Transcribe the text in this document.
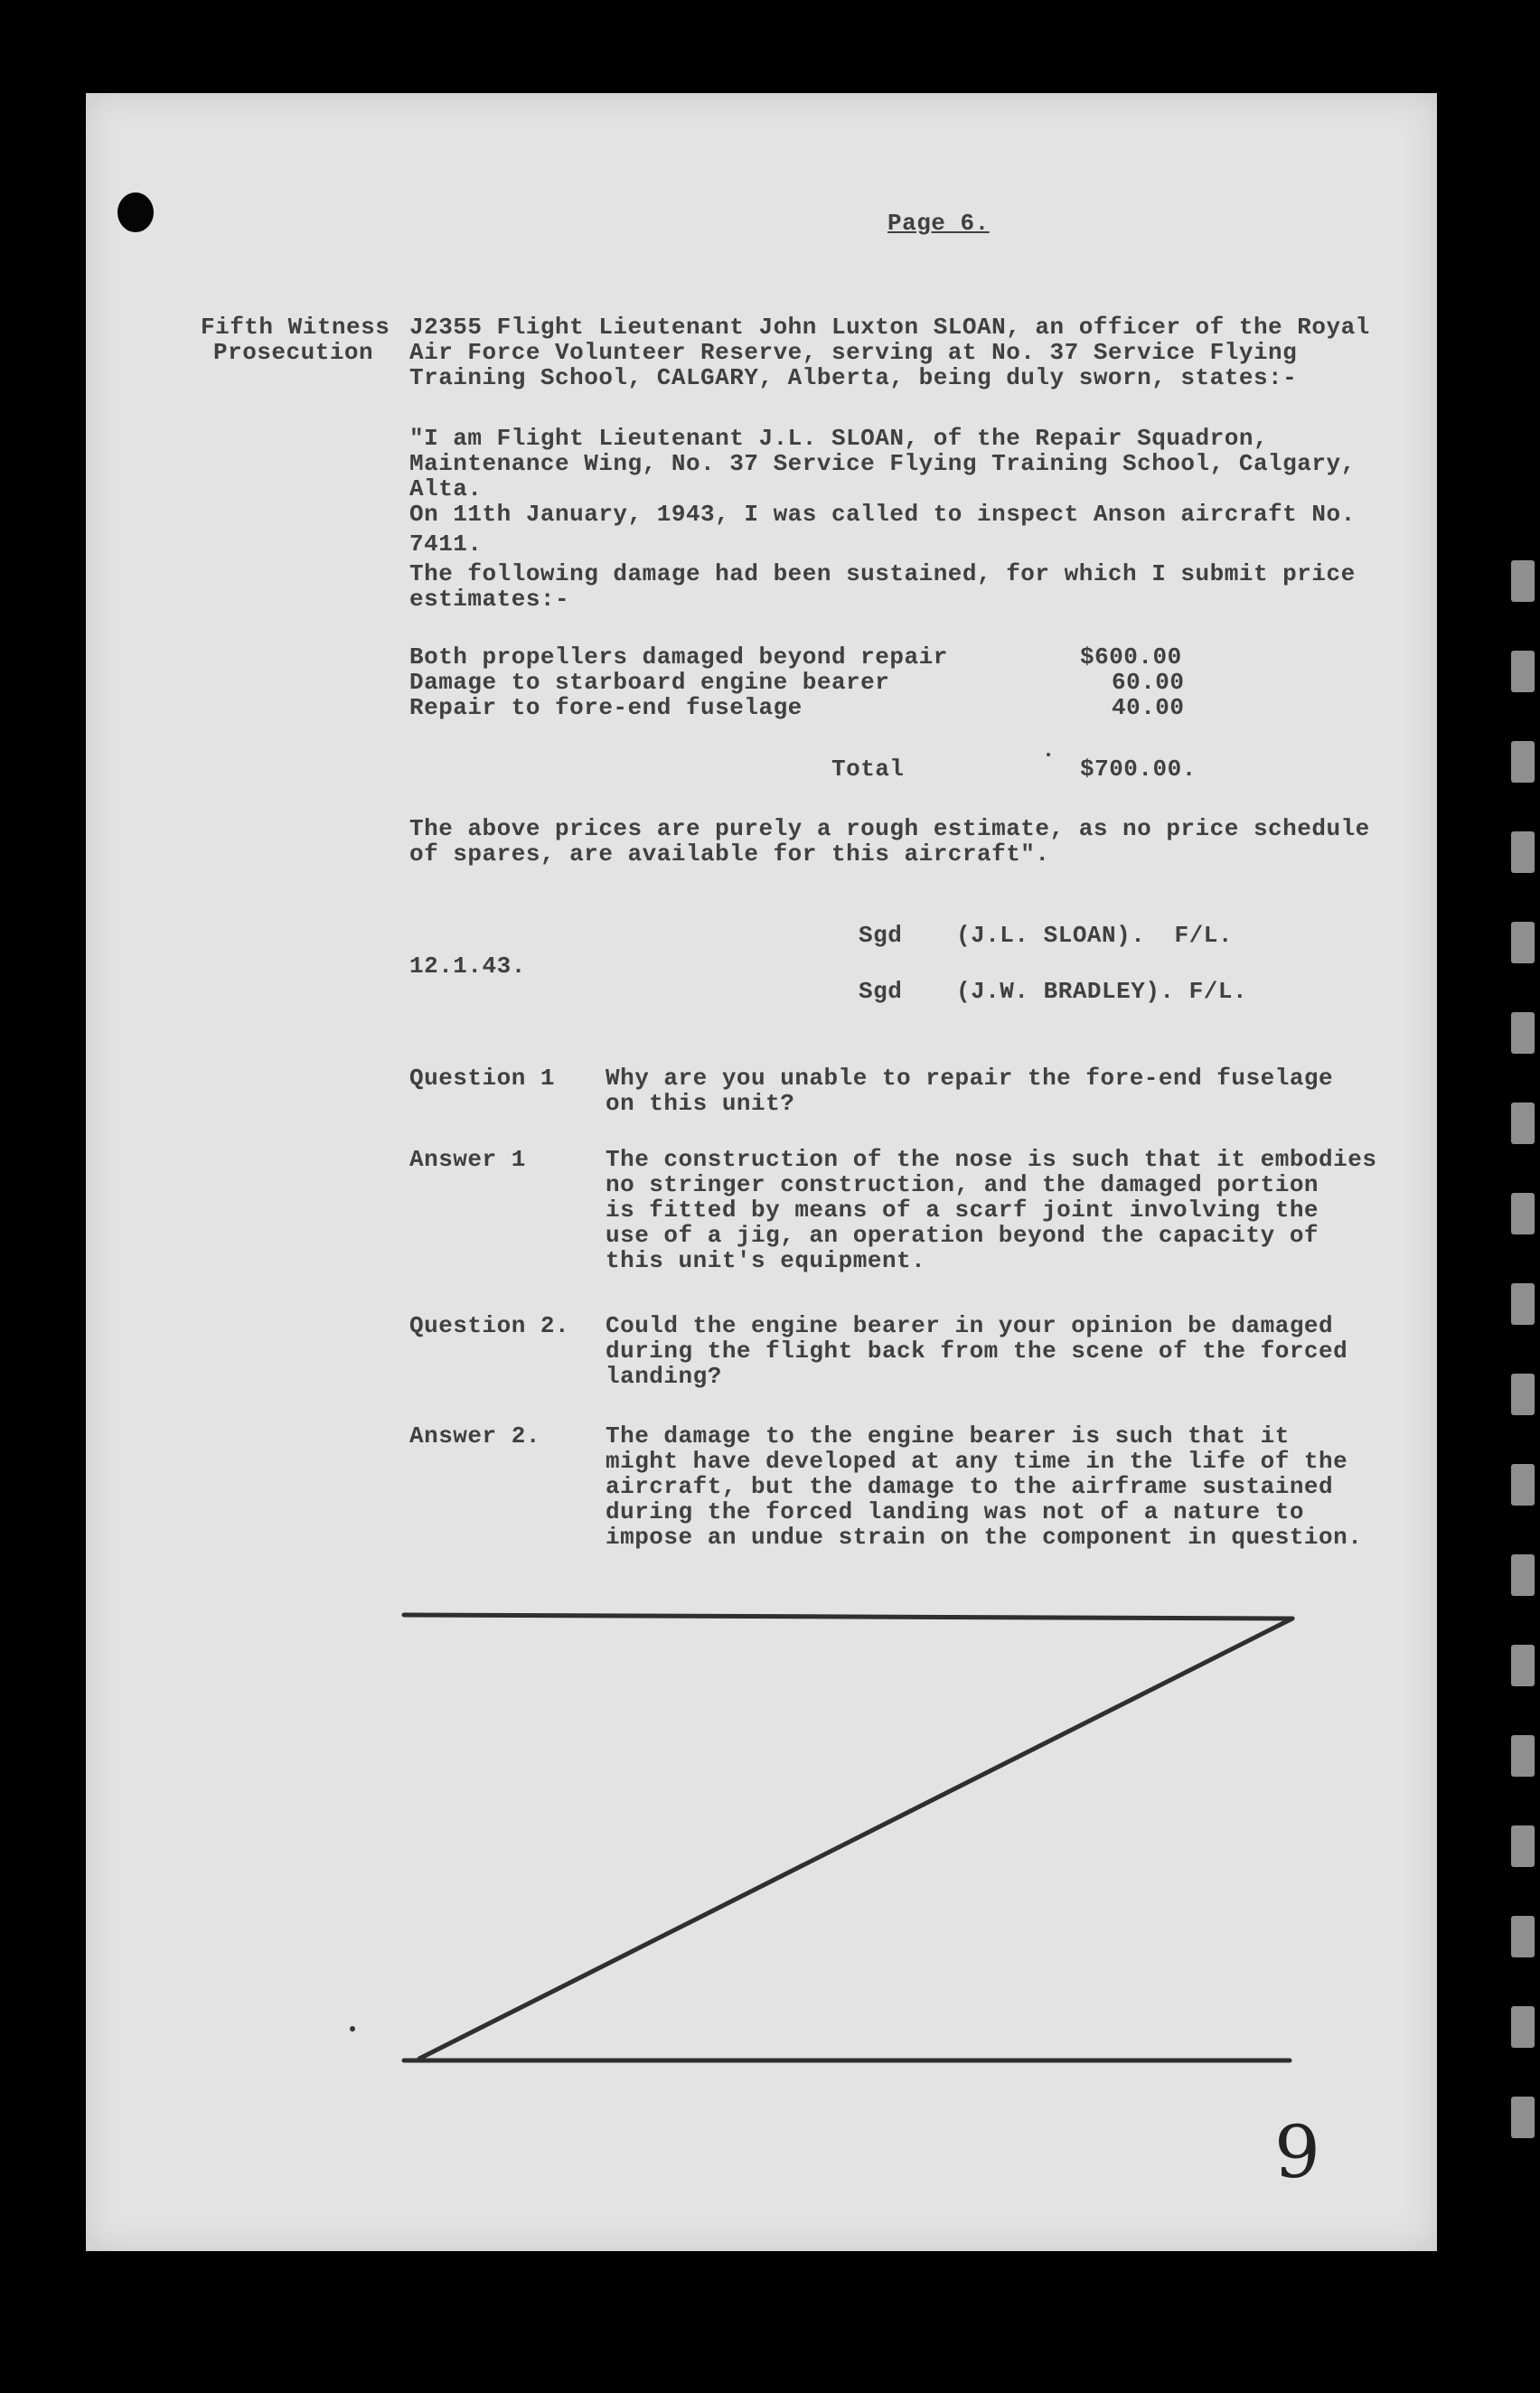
Page 6.
Fifth Witness
Prosecution
J2355 Flight Lieutenant John Luxton SLOAN, an officer of the Royal
Air Force Volunteer Reserve, serving at No. 37 Service Flying
Training School, CALGARY, Alberta, being duly sworn, states:-
"I am Flight Lieutenant J.L. SLOAN, of the Repair Squadron,
Maintenance Wing, No. 37 Service Flying Training School, Calgary,
Alta.
On 11th January, 1943, I was called to inspect Anson aircraft No.
7411.
The following damage had been sustained, for which I submit price
estimates:-
Both propellers damaged beyond repair	$600.00
Damage to starboard engine bearer	60.00
Repair to fore-end fuselage	40.00
Total	$700.00.
The above prices are purely a rough estimate, as no price schedule
of spares, are available for this aircraft".
Sgd (J.L. SLOAN).  F/L.
12.1.43.
Sgd (J.W. BRADLEY). F/L.
Question 1 Why are you unable to repair the fore-end fuselage
on this unit?
Answer 1	The construction of the nose is such that it embodies
no stringer construction, and the damaged portion
is fitted by means of a scarf joint involving the
use of a jig, an operation beyond the capacity of
this unit's equipment.
Question 2. Could the engine bearer in your opinion be damaged
during the flight back from the scene of the forced
landing?
Answer 2.	The damage to the engine bearer is such that it
might have developed at any time in the life of the
aircraft, but the damage to the airframe sustained
during the forced landing was not of a nature to
impose an undue strain on the component in question.
9
